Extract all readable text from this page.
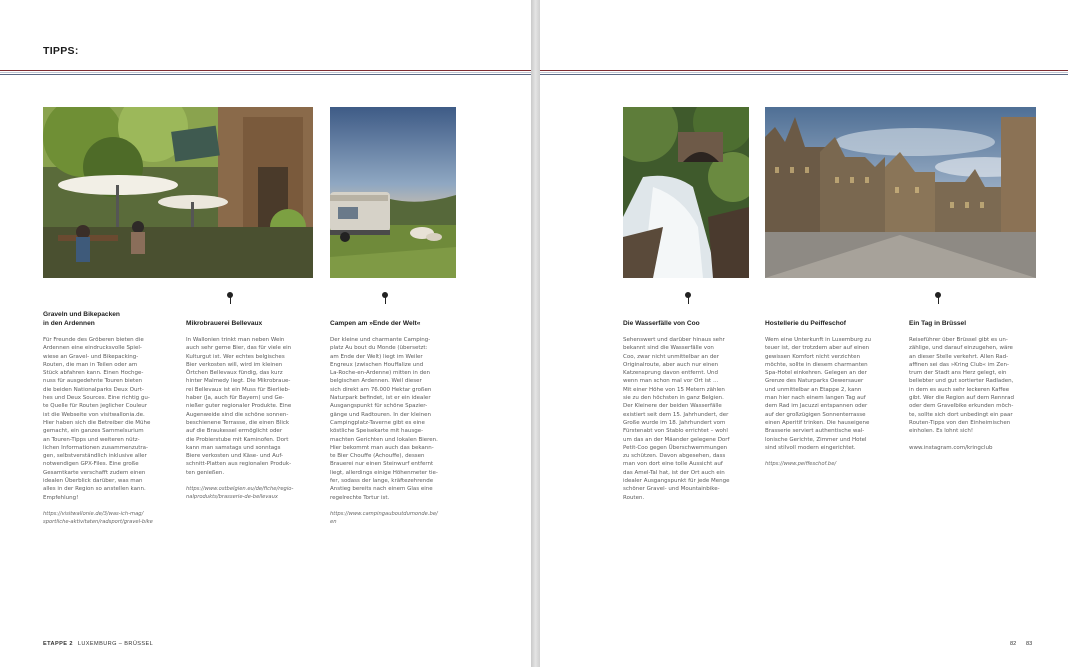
TIPPS:
Graveln und Bikepacken
in den Ardennen
Für Freunde des Gröberen bieten die
Ardennen eine eindrucksvolle Spiel-
wiese an Gravel- und Bikepacking-
Routen, die man in Teilen oder am
Stück abfahren kann. Einen Hochge-
nuss für ausgedehnte Touren bieten
die beiden Nationalparks Deux Ourt-
hes und Deux Sources. Eine richtig gu-
te Quelle für Routen jeglicher Couleur
ist die Webseite von visitwallonia.de.
Hier haben sich die Betreiber die Mühe
gemacht, ein ganzes Sammelsurium
an Touren-Tipps und weiteren nütz-
lichen Informationen zusammenzutra-
gen, selbstverständlich inklusive aller
notwendigen GPX-Files. Eine große
Gesamtkarte verschafft zudem einen
idealen Überblick darüber, was man
alles in der Region so anstellen kann.
Empfehlung!
https://visitwallonie.de/3/was-ich-mag/
sportliche-aktivitaten/radsport/gravel-bike
Mikrobrauerei Bellevaux
In Wallonien trinkt man neben Wein
auch sehr gerne Bier, das für viele ein
Kulturgut ist. Wer echtes belgisches
Bier verkosten will, wird im kleinen
Örtchen Bellevaux fündig, das kurz
hinter Malmedy liegt. Die Mikrobraue-
rei Bellevaux ist ein Muss für Bierlieb-
haber (Ja, auch für Bayern) und Ge-
nießer guter regionaler Produkte. Eine
Augenweide sind die schöne sonnen-
beschienene Terrasse, die einen Blick
auf die Braukessel ermöglicht oder
die Probierstube mit Kaminofen. Dort
kann man samstags und sonntags
Biere verkosten und Käse- und Auf-
schnitt-Platten aus regionalen Produk-
ten genießen.
https://www.ostbelgien.eu/de/fiche/regio-
nalprodukts/brasserie-de-bellevaux
Campen am »Ende der Welt«
Der kleine und charmante Camping-
platz Au bout du Monde (übersetzt:
am Ende der Welt) liegt im Weiler
Engreux (zwischen Houffalize und
La-Roche-en-Ardenne) mitten in den
belgischen Ardennen. Weil dieser
sich direkt am 76.000 Hektar großen
Naturpark befindet, ist er ein idealer
Ausgangspunkt für schöne Spazier-
gänge und Radtouren. In der kleinen
Campingplatz-Taverne gibt es eine
köstliche Speisekarte mit hausge-
machten Gerichten und lokalen Bieren.
Hier bekommt man auch das bekann-
te Bier Chouffe (Achouffe), dessen
Brauerei nur einen Steinwurf entfernt
liegt, allerdings einige Höhenmeter tie-
fer, sodass der lange, kräftezehrende
Anstieg bereits nach einem Glas eine
regelrechte Tortur ist.
https://www.campingauboutdumonde.be/
en
ETAPPE 2 LUXEMBURG – BRÜSSEL
Die Wasserfälle von Coo
Sehenswert und darüber hinaus sehr
bekannt sind die Wasserfälle von
Coo, zwar nicht unmittelbar an der
Originalroute, aber auch nur einen
Katzensprung davon entfernt. Und
wenn man schon mal vor Ort ist …
Mit einer Höhe von 15 Metern zählen
sie zu den höchsten in ganz Belgien.
Der Kleinere der beiden Wasserfälle
existiert seit dem 15. Jahrhundert, der
Große wurde im 18. Jahrhundert vom
Fürstenabt von Stablo errichtet – wohl
um das an der Mäander gelegene Dorf
Petit-Coo gegen Überschwemmungen
zu schützen. Davon abgesehen, dass
man von dort eine tolle Aussicht auf
das Amel-Tal hat, ist der Ort auch ein
idealer Ausgangspunkt für jede Menge
schöner Gravel- und Mountainbike-
Routen.
Hostellerie du Peiffeschof
Wem eine Unterkunft in Luxemburg zu
teuer ist, der trotzdem aber auf einen
gewissen Komfort nicht verzichten
möchte, sollte in diesem charmanten
Spa-Hotel einkehren. Gelegen an der
Grenze des Naturparks Oewersauer
und unmittelbar an Etappe 2, kann
man hier nach einem langen Tag auf
dem Rad im Jacuzzi entspannen oder
auf der großzügigen Sonnenterrasse
einen Aperitif trinken. Die hauseigene
Brasserie serviert authentische wal-
lonische Gerichte, Zimmer und Hotel
sind stilvoll modern eingerichtet.
https://www.peiffeschof.be/
Ein Tag in Brüssel
Reiseführer über Brüssel gibt es un-
zählige, und darauf einzugehen, wäre
an dieser Stelle verkehrt. Allen Rad-
affinen sei das »Kring Club« im Zen-
trum der Stadt ans Herz gelegt, ein
beliebter und gut sortierter Radladen,
in dem es auch sehr leckeren Kaffee
gibt. Wer die Region auf dem Rennrad
oder dem Gravelbike erkunden möch-
te, sollte sich dort unbedingt ein paar
Routen-Tipps von den Einheimischen
einholen. Es lohnt sich!
www.instagram.com/kringclub
82 83
